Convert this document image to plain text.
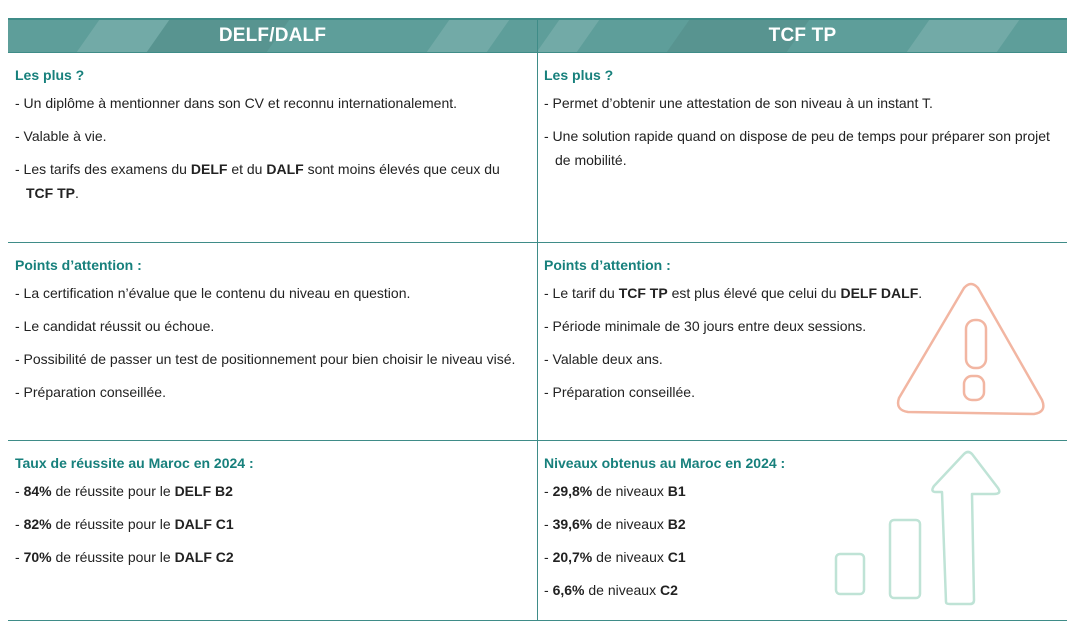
DELF/DALF	TCF TP
Les plus ?
- Un diplôme à mentionner dans son CV et reconnu internationalement.
- Valable à vie.
- Les tarifs des examens du DELF et du DALF sont moins élevés que ceux du TCF TP.
Les plus ?
- Permet d’obtenir une attestation de son niveau à un instant T.
- Une solution rapide quand on dispose de peu de temps pour préparer son projet de mobilité.
Points d’attention :
- La certification n’évalue que le contenu du niveau en question.
- Le candidat réussit ou échoue.
- Possibilité de passer un test de positionnement pour bien choisir le niveau visé.
- Préparation conseillée.
Points d’attention :
- Le tarif du TCF TP est plus élevé que celui du DELF DALF.
- Période minimale de 30 jours entre deux sessions.
- Valable deux ans.
- Préparation conseillée.
Taux de réussite au Maroc en 2024 :
- 84% de réussite pour le DELF B2
- 82% de réussite pour le DALF C1
- 70% de réussite pour le DALF C2
Niveaux obtenus au Maroc en 2024 :
- 29,8% de niveaux B1
- 39,6% de niveaux B2
- 20,7% de niveaux C1
- 6,6% de niveaux C2
